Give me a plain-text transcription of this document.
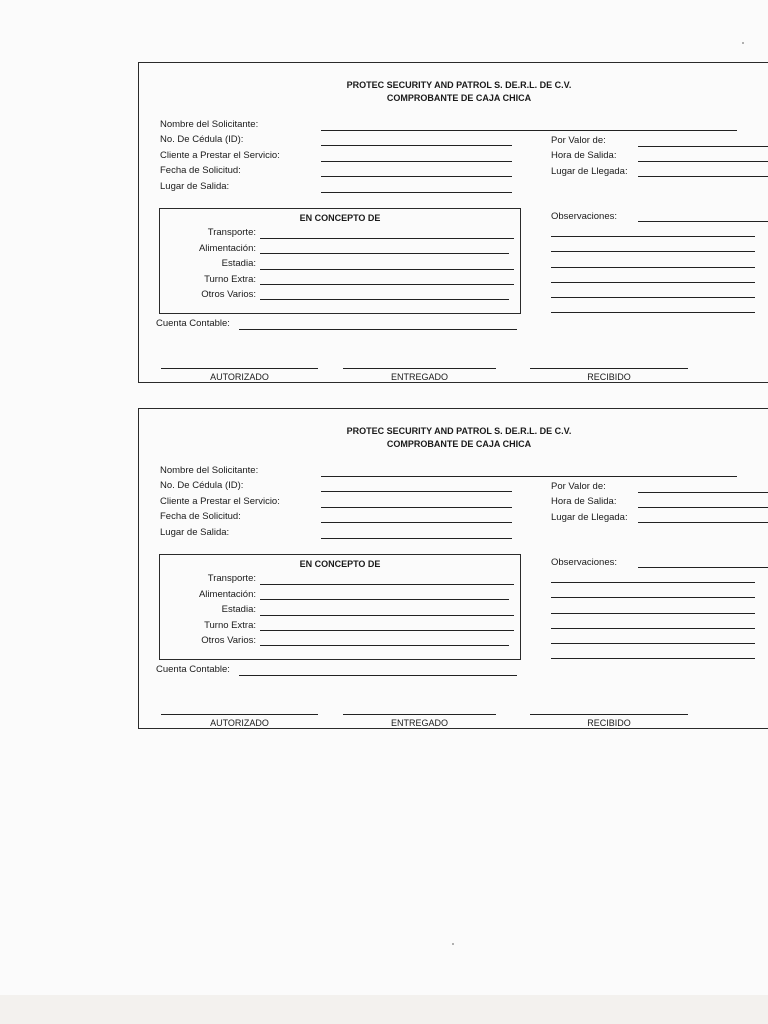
PROTEC SECURITY AND PATROL S. DE.R.L. DE C.V.
COMPROBANTE DE CAJA CHICA
Nombre del Solicitante:
No. De Cédula (ID):
Cliente a Prestar el Servicio:
Fecha de Solicitud:
Lugar de Salida:
Por Valor de:
Hora de Salida:
Lugar de Llegada:
EN CONCEPTO DE
Transporte:
Alimentación:
Estadia:
Turno Extra:
Otros Varios:
Observaciones:
Cuenta Contable:
AUTORIZADO	ENTREGADO	RECIBIDO
PROTEC SECURITY AND PATROL S. DE.R.L. DE C.V.
COMPROBANTE DE CAJA CHICA
Nombre del Solicitante:
No. De Cédula (ID):
Cliente a Prestar el Servicio:
Fecha de Solicitud:
Lugar de Salida:
Por Valor de:
Hora de Salida:
Lugar de Llegada:
EN CONCEPTO DE
Transporte:
Alimentación:
Estadia:
Turno Extra:
Otros Varios:
Observaciones:
Cuenta Contable:
AUTORIZADO	ENTREGADO	RECIBIDO
